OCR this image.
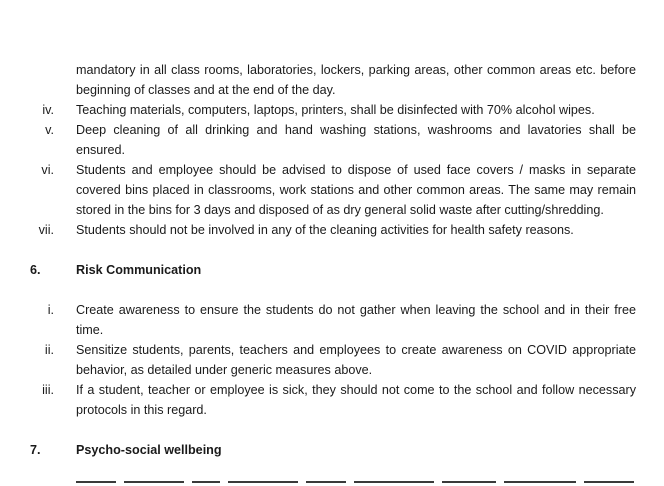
mandatory in all class rooms, laboratories, lockers, parking areas, other common areas etc. before
beginning of classes and at the end of the day.
iv. Teaching materials, computers, laptops, printers, shall be disinfected with 70% alcohol wipes.
v. Deep cleaning of all drinking and hand washing stations, washrooms and lavatories shall be
ensured.
vi. Students and employee should be advised to dispose of used face covers / masks in separate
covered bins placed in classrooms, work stations and other common areas. The same may remain
stored in the bins for 3 days and disposed of as dry general solid waste after cutting/shredding.
vii. Students should not be involved in any of the cleaning activities for health safety reasons.
6.	Risk Communication
i. Create awareness to ensure the students do not gather when leaving the school and in their free
time.
ii. Sensitize students, parents, teachers and employees to create awareness on COVID appropriate
behavior, as detailed under generic measures above.
iii. If a student, teacher or employee is sick, they should not come to the school and follow necessary
protocols in this regard.
7.	Psycho-social wellbeing
